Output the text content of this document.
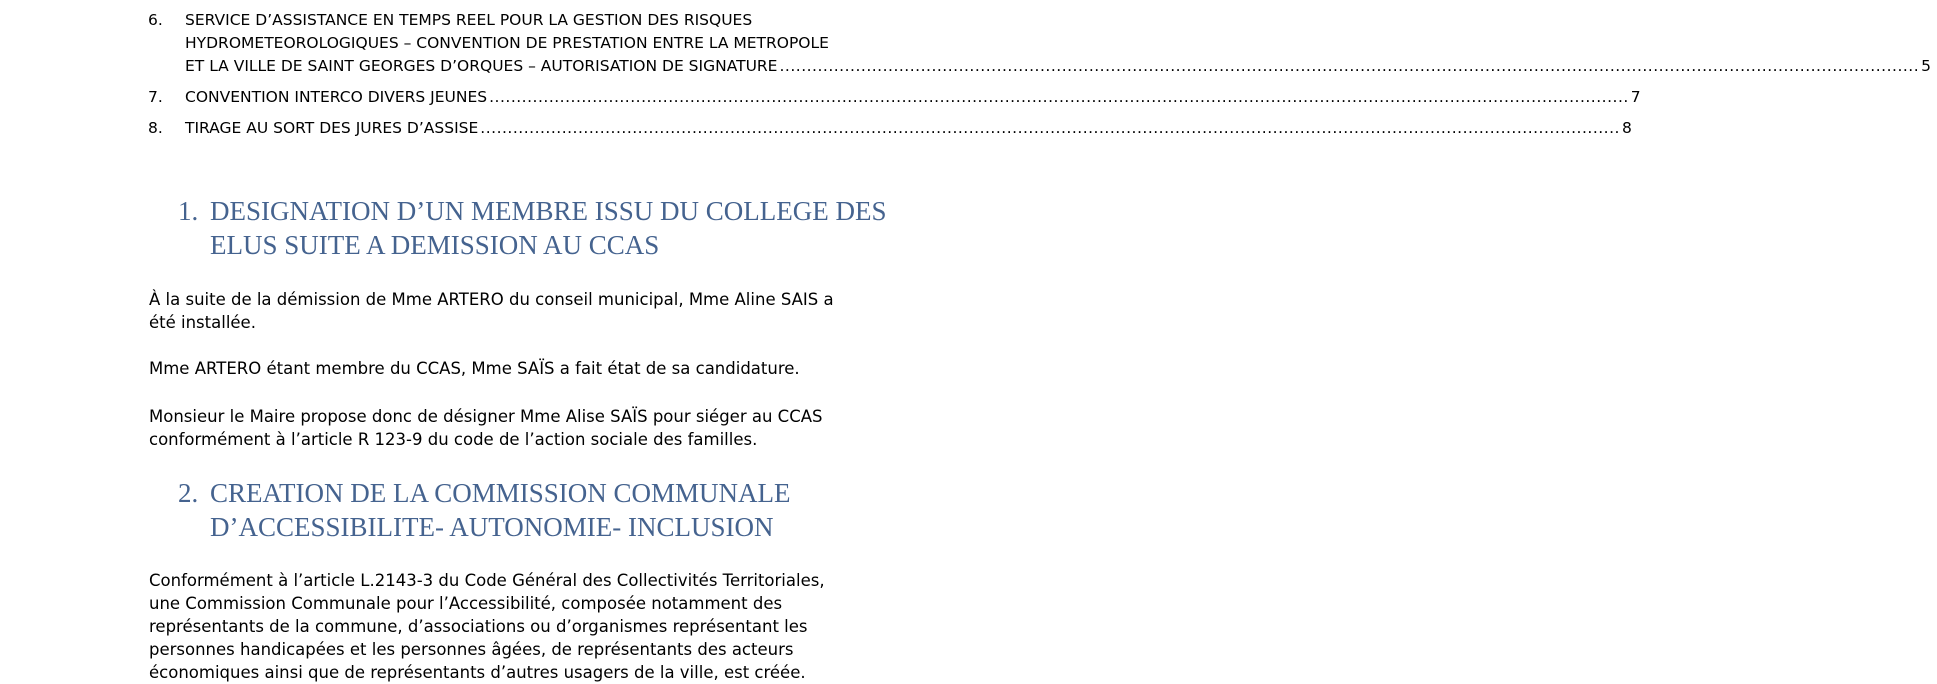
6.	SERVICE D’ASSISTANCE EN TEMPS REEL POUR LA GESTION DES RISQUES
HYDROMETEOROLOGIQUES – CONVENTION DE PRESTATION ENTRE LA METROPOLE
ET LA VILLE DE SAINT GEORGES D’ORQUES – AUTORISATION DE SIGNATURE .....	5
7.	CONVENTION INTERCO DIVERS JEUNES .....	7
8.	TIRAGE AU SORT DES JURES D’ASSISE .....	8
1. DESIGNATION D’UN MEMBRE ISSU DU COLLEGE DES
ELUS SUITE A DEMISSION AU CCAS

À la suite de la démission de Mme ARTERO du conseil municipal, Mme Aline SAIS a
été installée.

Mme ARTERO étant membre du CCAS, Mme SAÏS a fait état de sa candidature.

Monsieur le Maire propose donc de désigner Mme Alise SAÏS pour siéger au CCAS
conformément à l’article R 123-9 du code de l’action sociale des familles.

2. CREATION DE LA COMMISSION COMMUNALE
D’ACCESSIBILITE- AUTONOMIE- INCLUSION

Conformément à l’article L.2143-3 du Code Général des Collectivités Territoriales,
une Commission Communale pour l’Accessibilité, composée notamment des
représentants de la commune, d’associations ou d’organismes représentant les
personnes handicapées et les personnes âgées, de représentants des acteurs
économiques ainsi que de représentants d’autres usagers de la ville, est créée.
